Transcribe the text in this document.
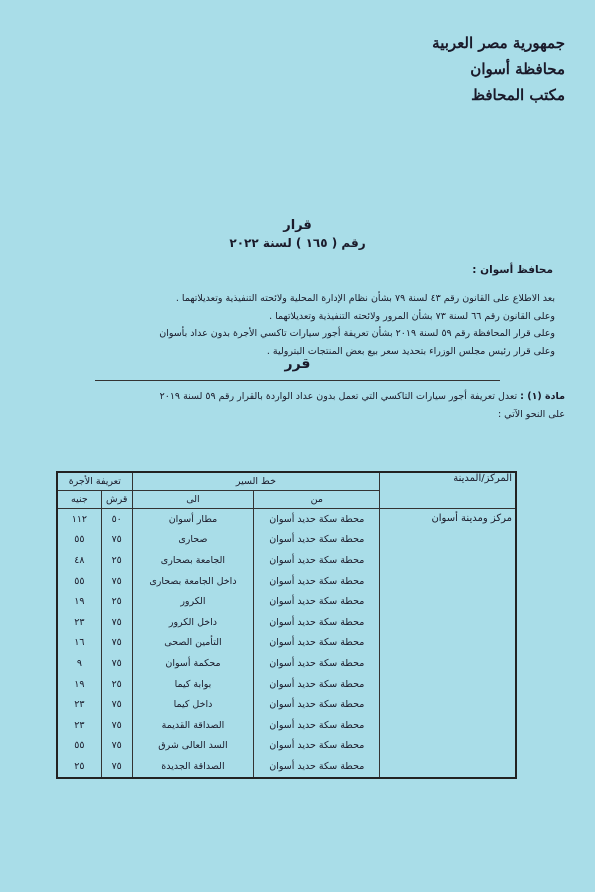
جمهورية مصر العربية
محافظة أسوان
مكتب المحافظ
قرار
رقم ( ١٦٥ ) لسنة ٢٠٢٢
محافظ أسوان :

بعد الاطلاع على القانون رقم ٤٣ لسنة ٧٩ بشأن نظام الإدارة المحلية ولائحته التنفيذية وتعديلاتهما .

وعلى القانون رقم ٦٦ لسنة ٧٣ بشأن المرور ولائحته التنفيذية وتعديلاتهما .

وعلى قرار المحافظة رقم ٥٩ لسنة ٢٠١٩ بشأن تعريفة أجور سيارات تاكسي الأجرة بدون عداد بأسوان

وعلى قرار رئيس مجلس الوزراء بتحديد سعر بيع بعض المنتجات البترولية .

قرر
مادة (١) : تعدل تعريفة أجور سيارات التاكسي التي تعمل بدون عداد الواردة بالقرار رقم ٥٩ لسنة ٢٠١٩
على النحو الآتي :
المركز/المدينة	خط السير		تعريفة الأجرة	
	من	الى	قرش	جنيه
مركز ومدينة أسوان	محطة سكة حديد أسوان	مطار أسوان	٥٠	١١٢
	محطة سكة حديد أسوان	صحارى	٧٥	٥٥
	محطة سكة حديد أسوان	الجامعة بصحارى	٢٥	٤٨
	محطة سكة حديد أسوان	داخل الجامعة بصحارى	٧٥	٥٥
	محطة سكة حديد أسوان	الكرور	٢٥	١٩
	محطة سكة حديد أسوان	داخل الكرور	٧٥	٢٣
	محطة سكة حديد أسوان	التأمين الصحى	٧٥	١٦
	محطة سكة حديد أسوان	محكمة أسوان	٧٥	٩
	محطة سكة حديد أسوان	بوابة كيما	٢٥	١٩
	محطة سكة حديد أسوان	داخل كيما	٧٥	٢٣
	محطة سكة حديد أسوان	الصداقة القديمة	٧٥	٢٣
	محطة سكة حديد أسوان	السد العالى شرق	٧٥	٥٥
	محطة سكة حديد أسوان	الصداقة الجديدة	٧٥	٢٥
